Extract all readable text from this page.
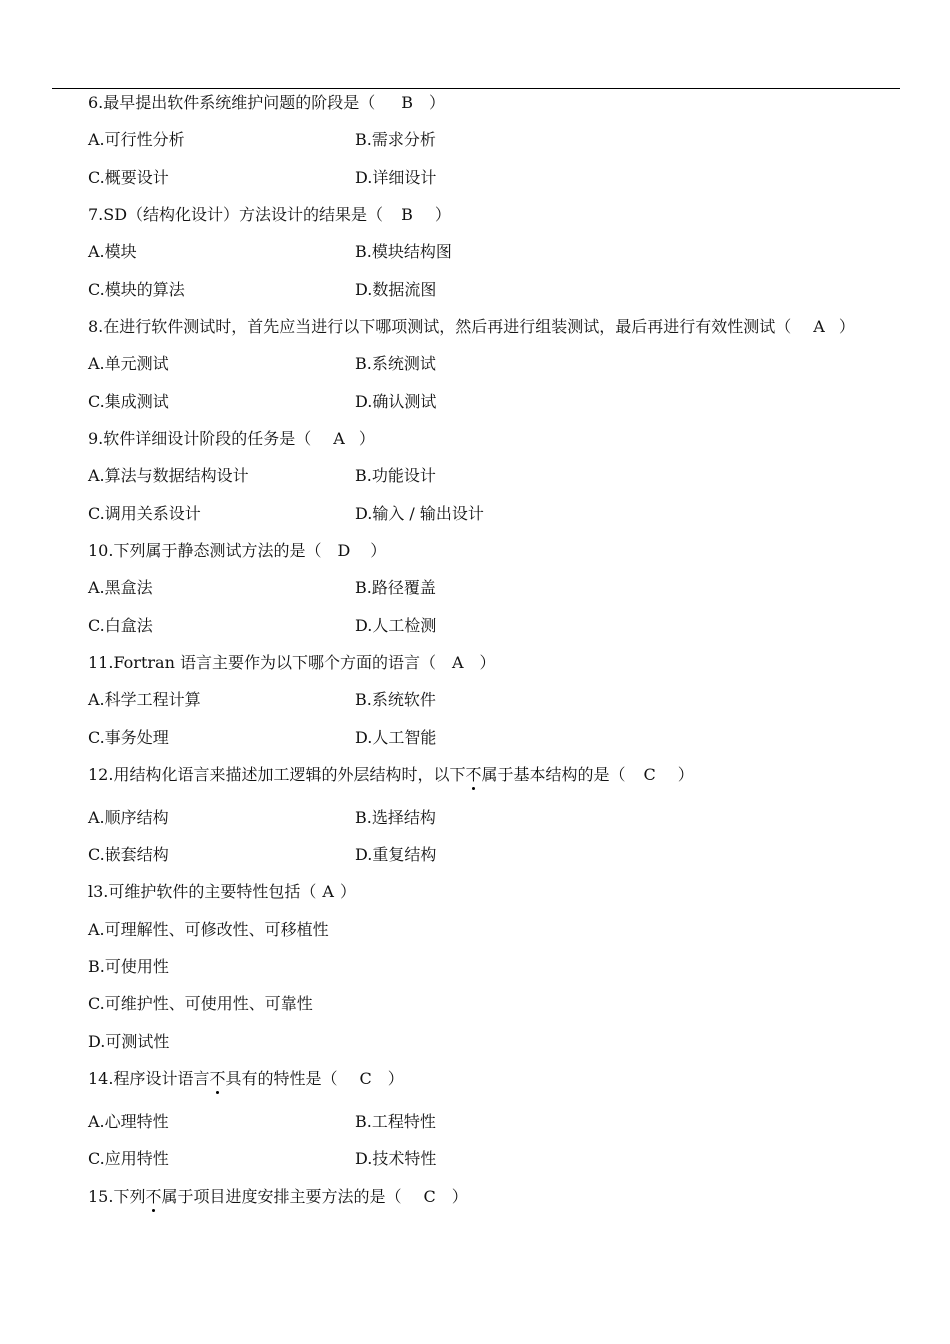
6.最早提出软件系统维护问题的阶段是（ B ）
A.可行性分析	B.需求分析
C.概要设计	D.详细设计
7.SD（结构化设计）方法设计的结果是（ B ）
A.模块	B.模块结构图
C.模块的算法	D.数据流图
8.在进行软件测试时，首先应当进行以下哪项测试，然后再进行组装测试，最后再进行有效性测试（ A ）
A.单元测试	B.系统测试
C.集成测试	D.确认测试
9.软件详细设计阶段的任务是（ A ）
A.算法与数据结构设计	B.功能设计
C.调用关系设计	D.输入 / 输出设计
10.下列属于静态测试方法的是（ D ）
A.黑盒法	B.路径覆盖
C.白盒法	D.人工检测
11.Fortran 语言主要作为以下哪个方面的语言（ A ）
A.科学工程计算	B.系统软件
C.事务处理	D.人工智能
12.用结构化语言来描述加工逻辑的外层结构时，以下不属于基本结构的是（ C ）
A.顺序结构	B.选择结构
C.嵌套结构	D.重复结构
l3.可维护软件的主要特性包括（ A ）
A.可理解性、可修改性、可移植性
B.可使用性
C.可维护性、可使用性、可靠性
D.可测试性
14.程序设计语言不具有的特性是（ C ）
A.心理特性	B.工程特性
C.应用特性	D.技术特性
15.下列不属于项目进度安排主要方法的是（ C ）
